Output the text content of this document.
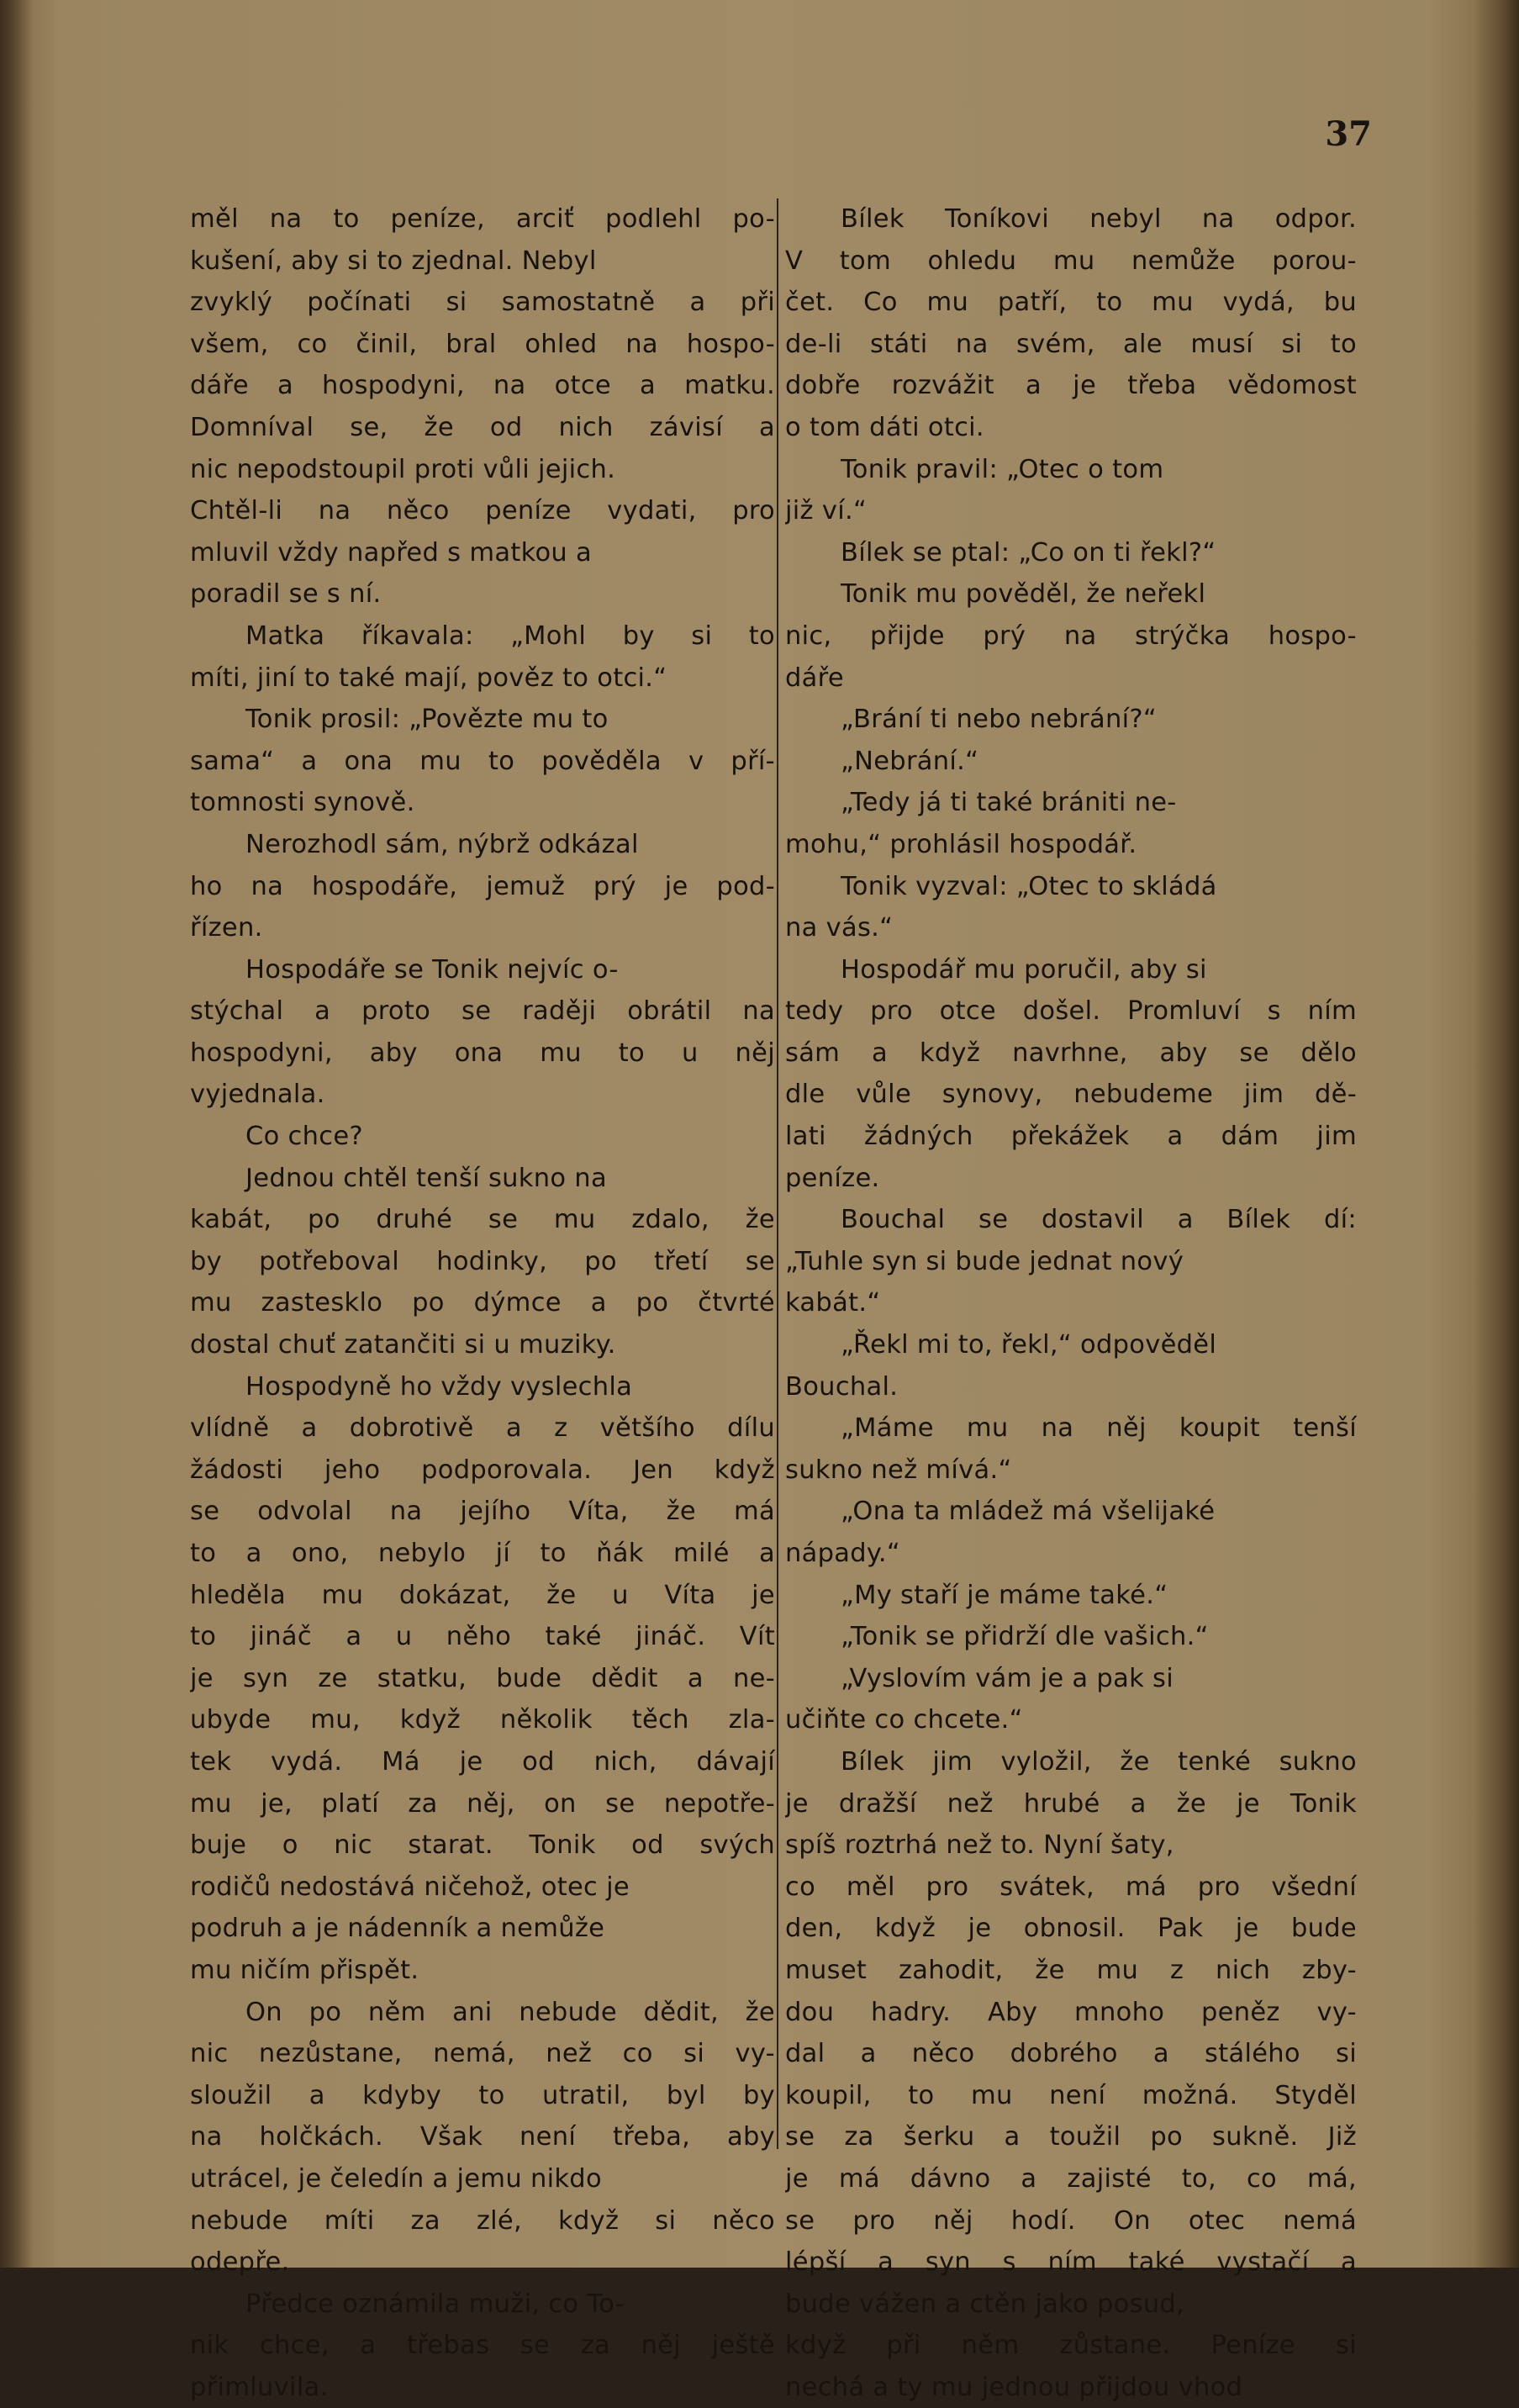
37
měl na to peníze, arciť podlehl po-
kušení, aby si to zjednal. Nebyl
zvyklý počínati si samostatně a při
všem, co činil, bral ohled na hospo-
dáře a hospodyni, na otce a matku.
Domníval se, že od nich závisí a
nic nepodstoupil proti vůli jejich.
Chtěl-li na něco peníze vydati, pro
mluvil vždy napřed s matkou a
poradil se s ní.
Matka říkavala: „Mohl by si to
míti, jiní to také mají, pověz to otci.“
Tonik prosil: „Povězte mu to
sama“ a ona mu to pověděla v pří-
tomnosti synově.
Nerozhodl sám, nýbrž odkázal
ho na hospodáře, jemuž prý je pod-
řízen.
Hospodáře se Tonik nejvíc o-
stýchal a proto se raději obrátil na
hospodyni, aby ona mu to u něj
vyjednala.
Co chce?
Jednou chtěl tenší sukno na
kabát, po druhé se mu zdalo, že
by potřeboval hodinky, po třetí se
mu zastesklo po dýmce a po čtvrté
dostal chuť zatančiti si u muziky.
Hospodyně ho vždy vyslechla
vlídně a dobrotivě a z většího dílu
žádosti jeho podporovala. Jen když
se odvolal na jejího Víta, že má
to a ono, nebylo jí to ňák milé a
hleděla mu dokázat, že u Víta je
to jináč a u něho také jináč. Vít
je syn ze statku, bude dědit a ne-
ubyde mu, když několik těch zla-
tek vydá. Má je od nich, dávají
mu je, platí za něj, on se nepotře-
buje o nic starat. Tonik od svých
rodičů nedostává ničehož, otec je
podruh a je nádenník a nemůže
mu ničím přispět.
On po něm ani nebude dědit, že
nic nezůstane, nemá, než co si vy-
sloužil a kdyby to utratil, byl by
na holčkách. Však není třeba, aby
utrácel, je čeledín a jemu nikdo
nebude míti za zlé, když si něco
odepře.
Předce oznámila muži, co To-
nik chce, a třebas se za něj ještě
přimluvila.
Bílek Toníkovi nebyl na odpor.
V tom ohledu mu nemůže porou-
čet. Co mu patří, to mu vydá, bu
de-li státi na svém, ale musí si to
dobře rozvážit a je třeba vědomost
o tom dáti otci.
Tonik pravil: „Otec o tom
již ví.“
Bílek se ptal: „Co on ti řekl?“
Tonik mu pověděl, že neřekl
nic, přijde prý na strýčka hospo-
dáře
„Brání ti nebo nebrání?“
„Nebrání.“
„Tedy já ti také brániti ne-
mohu,“ prohlásil hospodář.
Tonik vyzval: „Otec to skládá
na vás.“
Hospodář mu poručil, aby si
tedy pro otce došel. Promluví s ním
sám a když navrhne, aby se dělo
dle vůle synovy, nebudeme jim dě-
lati žádných překážek a dám jim
peníze.
Bouchal se dostavil a Bílek dí:
„Tuhle syn si bude jednat nový
kabát.“
„Řekl mi to, řekl,“ odpověděl
Bouchal.
„Máme mu na něj koupit tenší
sukno než mívá.“
„Ona ta mládež má všelijaké
nápady.“
„My staří je máme také.“
„Tonik se přidrží dle vašich.“
„Vyslovím vám je a pak si
učiňte co chcete.“
Bílek jim vyložil, že tenké sukno
je dražší než hrubé a že je Tonik
spíš roztrhá než to. Nyní šaty,
co měl pro svátek, má pro všední
den, když je obnosil. Pak je bude
muset zahodit, že mu z nich zby-
dou hadry. Aby mnoho peněz vy-
dal a něco dobrého a stálého si
koupil, to mu není možná. Styděl
se za šerku a toužil po sukně. Již
je má dávno a zajisté to, co má,
se pro něj hodí. On otec nemá
lépší a syn s ním také vystačí a
bude vážen a ctěn jako posud,
když při něm zůstane. Peníze si
nechá a ty mu jednou přijdou vhod
